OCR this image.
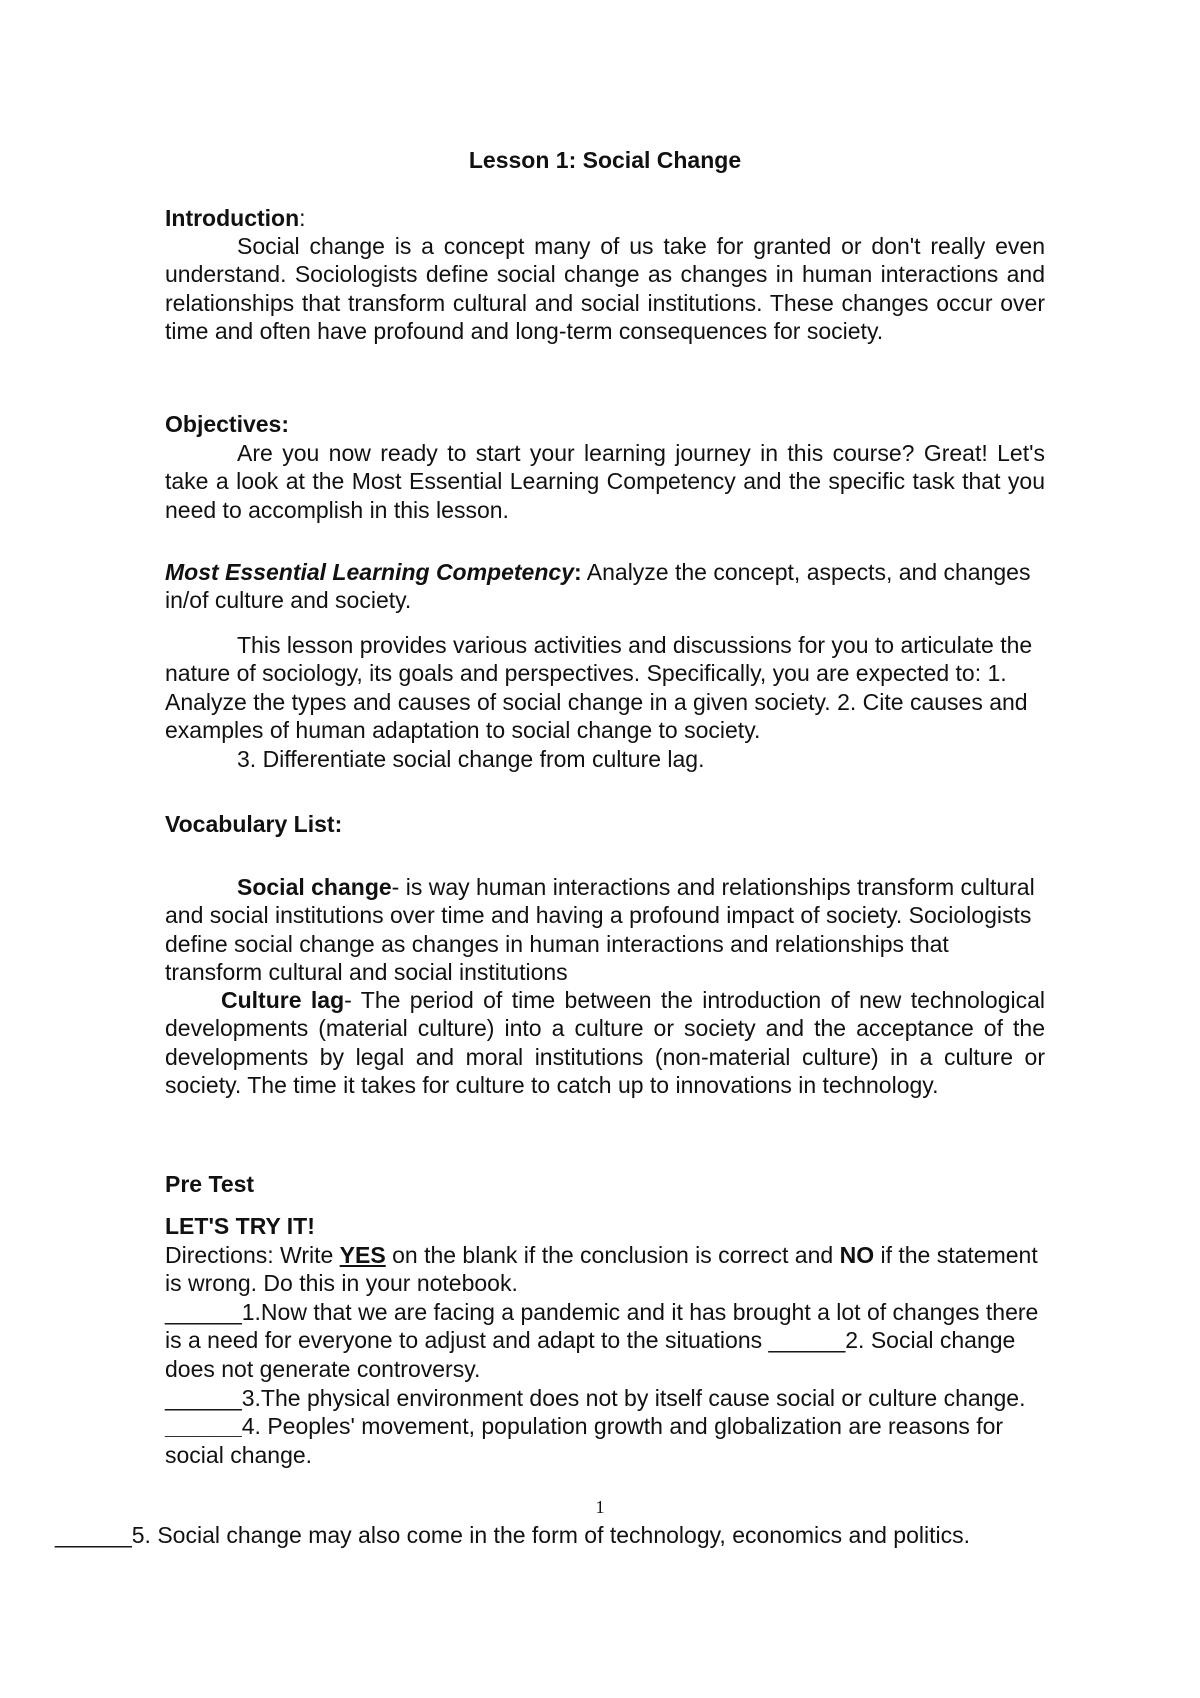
Lesson 1: Social Change
Introduction:

Social change is a concept many of us take for granted or don't really even understand. Sociologists define social change as changes in human interactions and relationships that transform cultural and social institutions. These changes occur over time and often have profound and long-term consequences for society.

Objectives:

Are you now ready to start your learning journey in this course? Great! Let's take a look at the Most Essential Learning Competency and the specific task that you need to accomplish in this lesson.

Most Essential Learning Competency: Analyze the concept, aspects, and changes in/of culture and society.

This lesson provides various activities and discussions for you to articulate the nature of sociology, its goals and perspectives. Specifically, you are expected to: 1. Analyze the types and causes of social change in a given society. 2. Cite causes and examples of human adaptation to social change to society.
3. Differentiate social change from culture lag.

Vocabulary List:

Social change- is way human interactions and relationships transform cultural and social institutions over time and having a profound impact of society. Sociologists define social change as changes in human interactions and relationships that transform cultural and social institutions

Culture lag- The period of time between the introduction of new technological developments (material culture) into a culture or society and the acceptance of the developments by legal and moral institutions (non-material culture) in a culture or society. The time it takes for culture to catch up to innovations in technology.

Pre Test
LET'S TRY IT!

Directions: Write YES on the blank if the conclusion is correct and NO if the statement is wrong. Do this in your notebook.

______1.Now that we are facing a pandemic and it has brought a lot of changes there is a need for everyone to adjust and adapt to the situations ______2. Social change does not generate controversy.

______3.The physical environment does not by itself cause social or culture change. ______4. Peoples' movement, population growth and globalization are reasons for social change.

1
______5. Social change may also come in the form of technology, economics and politics.
